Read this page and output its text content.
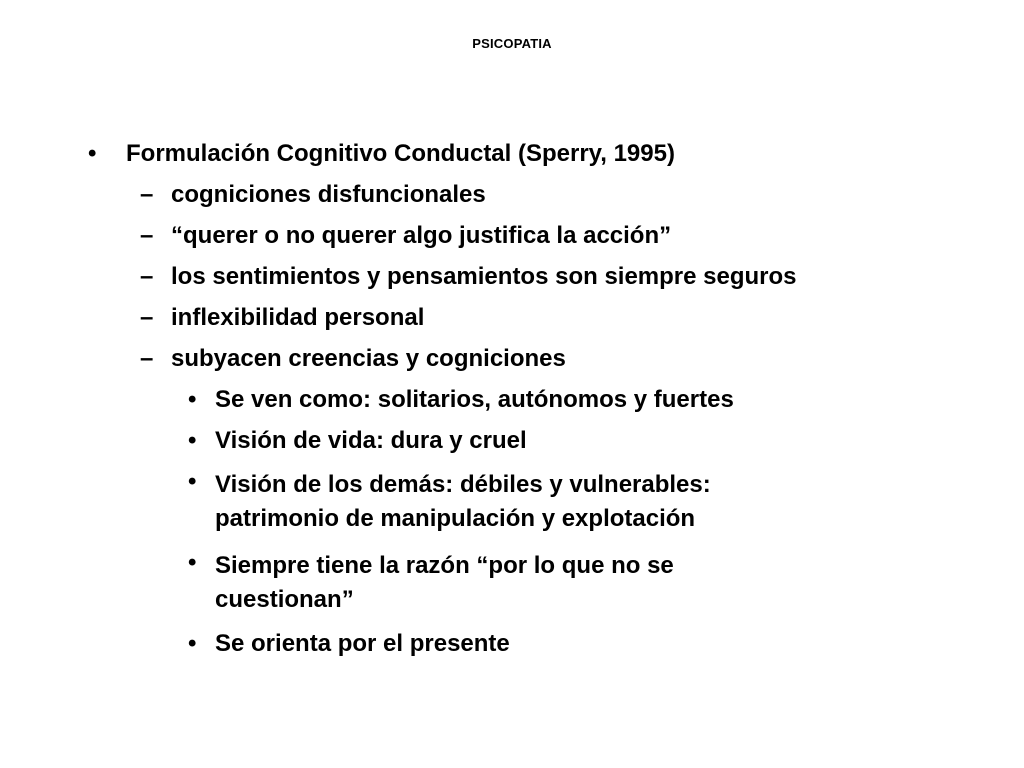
PSICOPATIA
• Formulación Cognitivo Conductal (Sperry, 1995)
– cogniciones disfuncionales
– “querer o no querer algo justifica la acción”
– los sentimientos y pensamientos son siempre seguros
– inflexibilidad personal
– subyacen creencias y cogniciones
• Se ven como: solitarios, autónomos y fuertes
• Visión de vida: dura y cruel
• Visión de los demás: débiles y vulnerables:
patrimonio de manipulación y explotación
• Siempre tiene la razón “por lo que no se
cuestionan”
• Se orienta por el presente
